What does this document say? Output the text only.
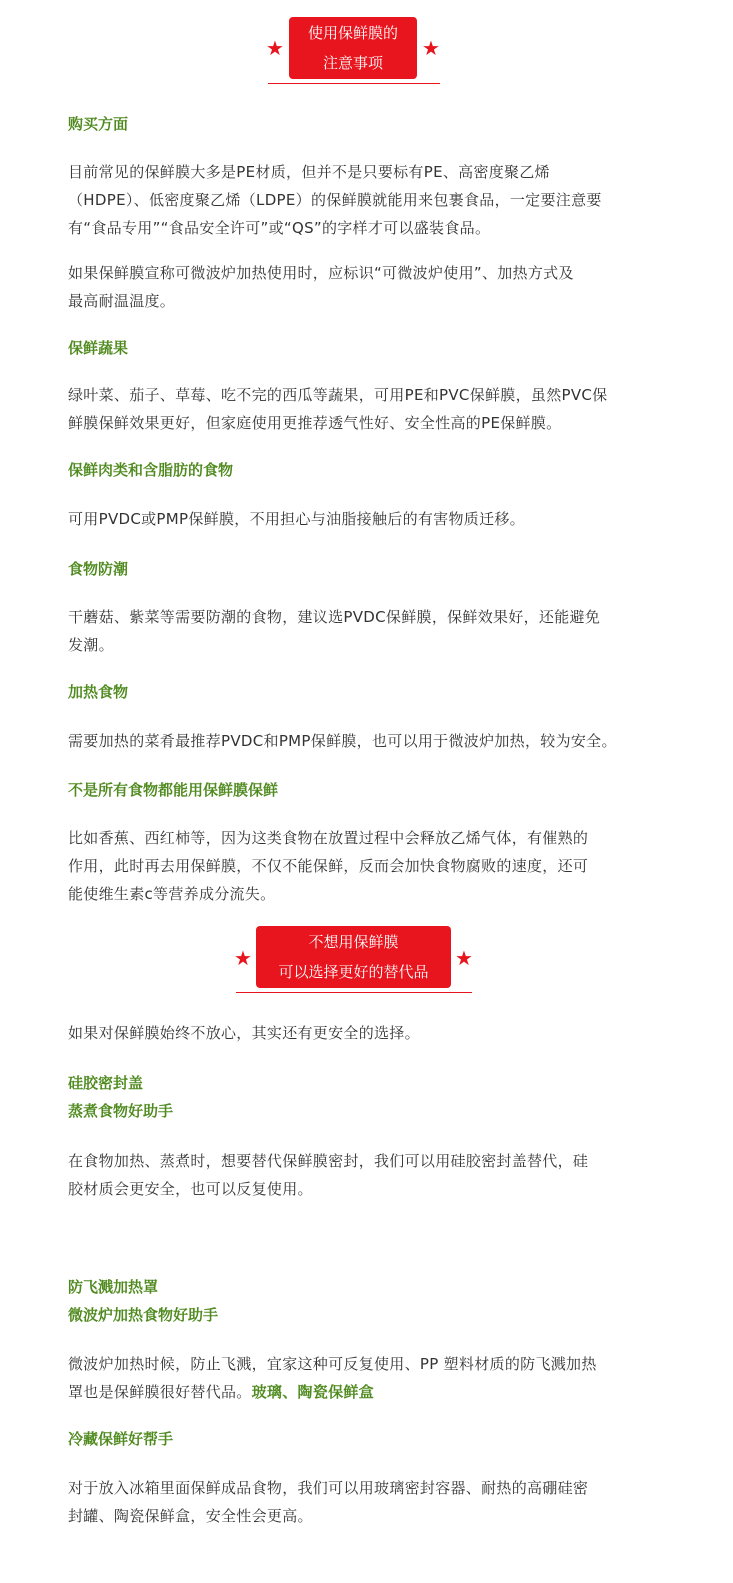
★
使用保鲜膜的
注意事项
★
购买方面

目前常见的保鲜膜大多是PE材质，但并不是只要标有PE、高密度聚乙烯
（HDPE）、低密度聚乙烯（LDPE）的保鲜膜就能用来包裹食品，一定要注意要
有“食品专用”“食品安全许可”或“QS”的字样才可以盛装食品。

如果保鲜膜宣称可微波炉加热使用时，应标识“可微波炉使用”、加热方式及
最高耐温温度。

保鲜蔬果

绿叶菜、茄子、草莓、吃不完的西瓜等蔬果，可用PE和PVC保鲜膜，虽然PVC保
鲜膜保鲜效果更好，但家庭使用更推荐透气性好、安全性高的PE保鲜膜。

保鲜肉类和含脂肪的食物

可用PVDC或PMP保鲜膜，不用担心与油脂接触后的有害物质迁移。

食物防潮

干蘑菇、紫菜等需要防潮的食物，建议选PVDC保鲜膜，保鲜效果好，还能避免
发潮。

加热食物

需要加热的菜肴最推荐PVDC和PMP保鲜膜，也可以用于微波炉加热，较为安全。

不是所有食物都能用保鲜膜保鲜

比如香蕉、西红柿等，因为这类食物在放置过程中会释放乙烯气体，有催熟的
作用，此时再去用保鲜膜，不仅不能保鲜，反而会加快食物腐败的速度，还可
能使维生素c等营养成分流失。

★
不想用保鲜膜
可以选择更好的替代品
★

如果对保鲜膜始终不放心，其实还有更安全的选择。

硅胶密封盖
蒸煮食物好助手

在食物加热、蒸煮时，想要替代保鲜膜密封，我们可以用硅胶密封盖替代，硅
胶材质会更安全，也可以反复使用。

防飞溅加热罩
微波炉加热食物好助手

微波炉加热时候，防止飞溅，宜家这种可反复使用、PP 塑料材质的防飞溅加热
罩也是保鲜膜很好替代品。玻璃、陶瓷保鲜盒

冷藏保鲜好帮手

对于放入冰箱里面保鲜成品食物，我们可以用玻璃密封容器、耐热的高硼硅密
封罐、陶瓷保鲜盒，安全性会更高。
